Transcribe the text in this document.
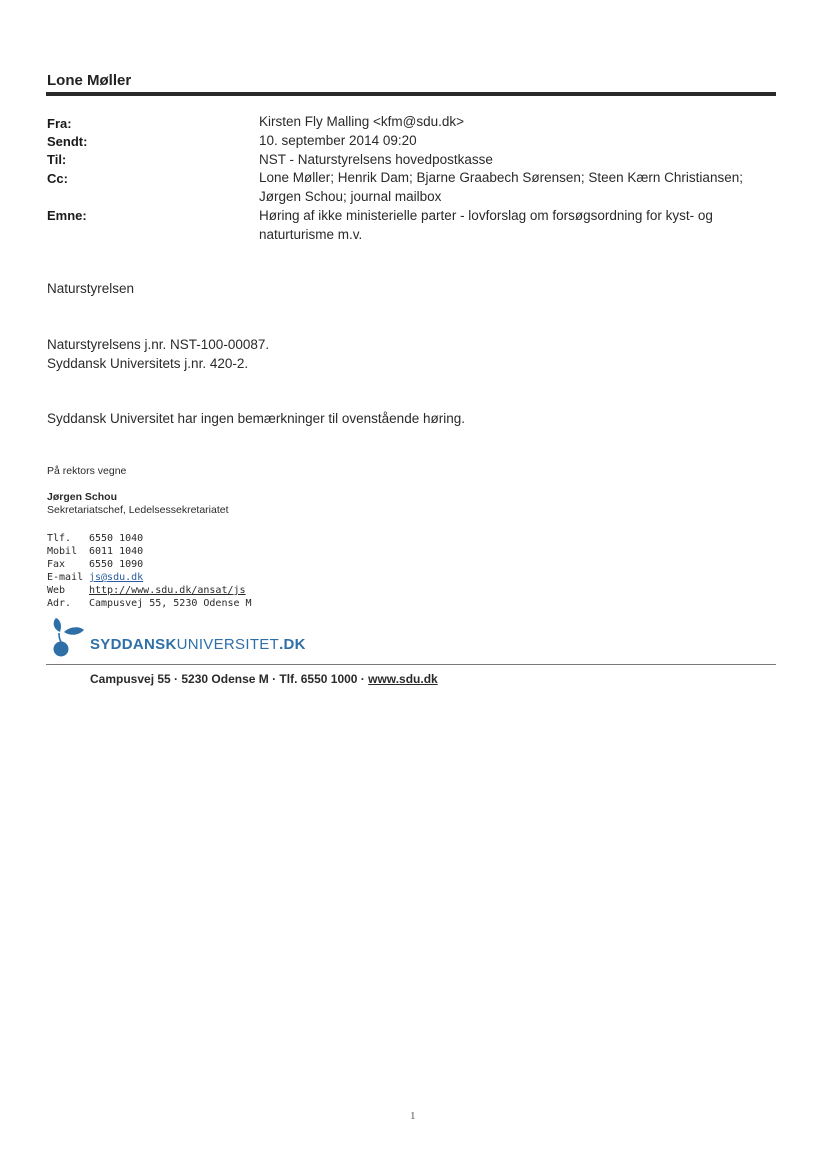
Lone Møller
Fra:	Kirsten Fly Malling <kfm@sdu.dk>
Sendt:	10. september 2014 09:20
Til:	NST - Naturstyrelsens hovedpostkasse
Cc:	Lone Møller; Henrik Dam; Bjarne Graabech Sørensen; Steen Kærn Christiansen;
Jørgen Schou; journal mailbox
Emne:	Høring af ikke ministerielle parter - lovforslag om forsøgsordning for kyst- og
naturturisme m.v.
Naturstyrelsen
Naturstyrelsens j.nr. NST-100-00087.
Syddansk Universitets j.nr. 420-2.
Syddansk Universitet har ingen bemærkninger til ovenstående høring.
På rektors vegne
Jørgen Schou
Sekretariatschef, Ledelsessekretariatet
Tlf.	6550 1040
Mobil	6011 1040
Fax	6550 1090
E-mail	js@sdu.dk
Web	http://www.sdu.dk/ansat/js
Adr.	Campusvej 55, 5230 Odense M
SYDDANSKUNIVERSITET.DK
Campusvej 55 · 5230 Odense M · Tlf. 6550 1000 · www.sdu.dk
1
